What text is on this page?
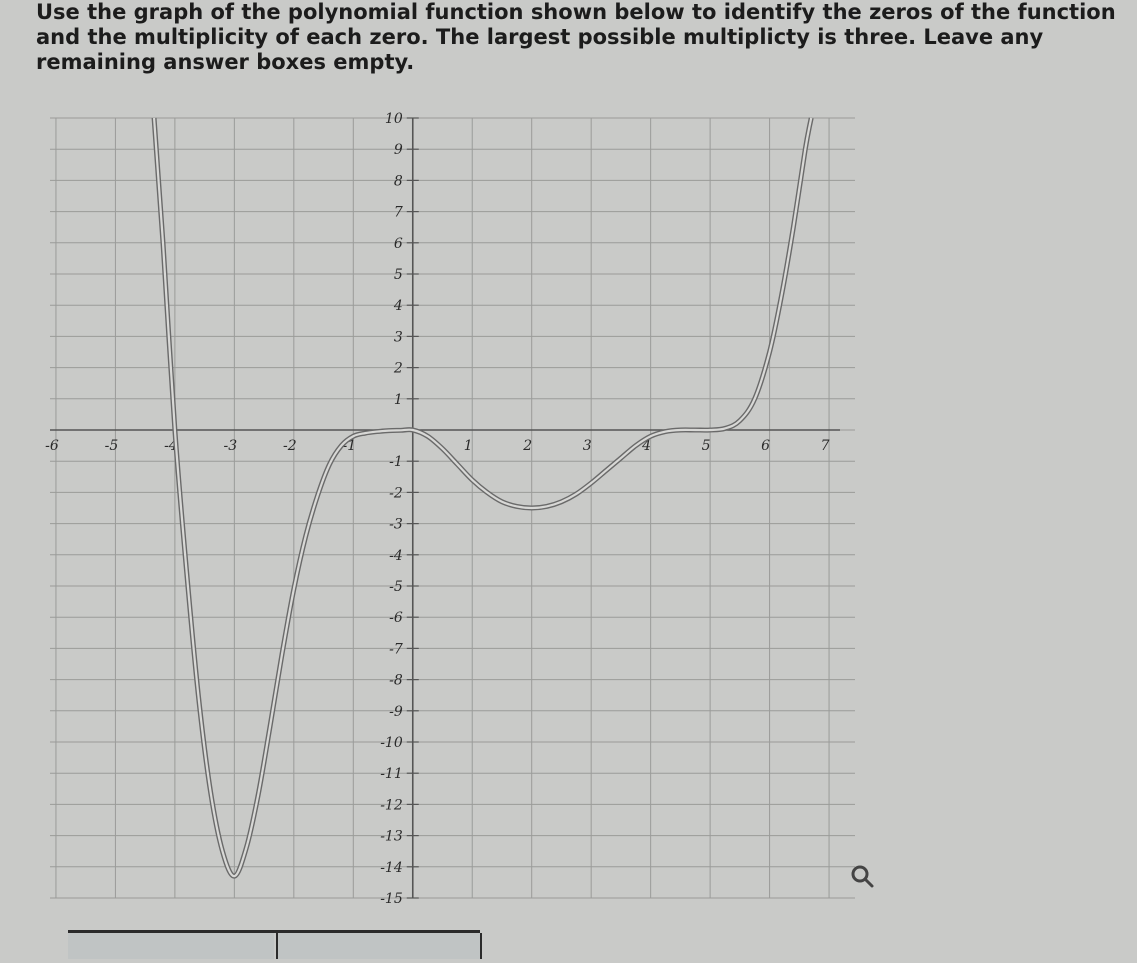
Use the graph of the polynomial function shown below to identify the zeros of the function and the multiplicity of each zero. The largest possible multiplicty is three. Leave any remaining answer boxes empty.
-6	-5	-4	-3	-2	-1	1	2	3	4	5	6	7
10
9
8
7
6
5
4
3
2
1
-1
-2
-3
-4
-5
-6
-7
-8
-9
-10
-11
-12
-13
-14
-15
